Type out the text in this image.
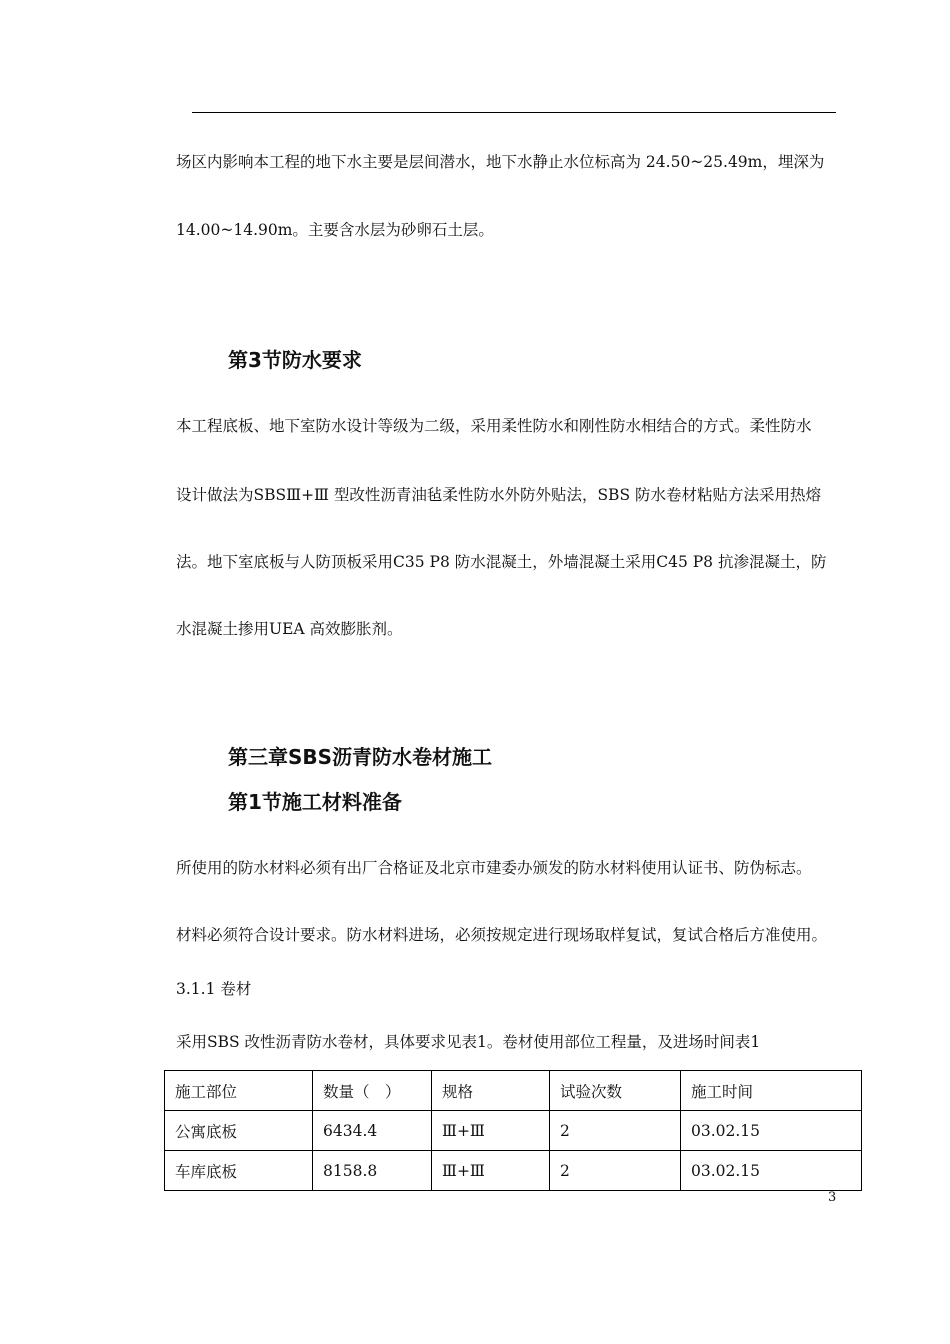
场区内影响本工程的地下水主要是层间潜水，地下水静止水位标高为 24.50~25.49m，埋深为
14.00~14.90m。主要含水层为砂卵石土层。
第3节防水要求
本工程底板、地下室防水设计等级为二级，采用柔性防水和刚性防水相结合的方式。柔性防水
设计做法为SBSⅢ+Ⅲ 型改性沥青油毡柔性防水外防外贴法，SBS 防水卷材粘贴方法采用热熔
法。地下室底板与人防顶板采用C35 P8 防水混凝土，外墙混凝土采用C45 P8 抗渗混凝土，防
水混凝土掺用UEA 高效膨胀剂。
第三章SBS沥青防水卷材施工
第1节施工材料准备
所使用的防水材料必须有出厂合格证及北京市建委办颁发的防水材料使用认证书、防伪标志。
材料必须符合设计要求。防水材料进场，必须按规定进行现场取样复试，复试合格后方准使用。
3.1.1 卷材
采用SBS 改性沥青防水卷材，具体要求见表1。卷材使用部位工程量，及进场时间表1
施工部位	数量（　）	规格	试验次数	施工时间
公寓底板	6434.4	Ⅲ+Ⅲ	2	03.02.15
车库底板	8158.8	Ⅲ+Ⅲ	2	03.02.15
3
